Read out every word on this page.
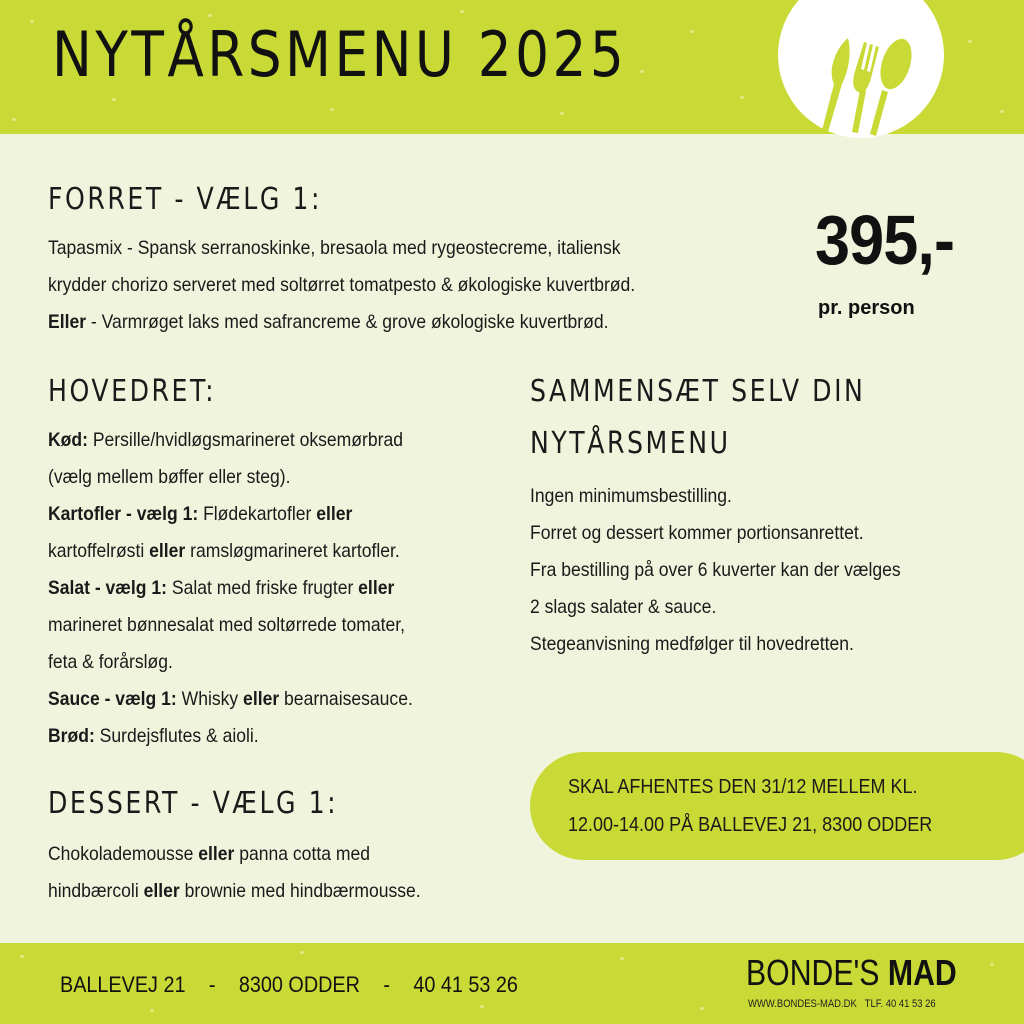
NYTÅRSMENU 2025
FORRET - VÆLG 1:

Tapasmix - Spansk serranoskinke, bresaola med rygeostecreme, italiensk

krydder chorizo serveret med soltørret tomatpesto & økologiske kuvertbrød.

Eller - Varmrøget laks med safrancreme & grove økologiske kuvertbrød.

395,-
pr. person
HOVEDRET:

Kød: Persille/hvidløgsmarineret oksemørbrad

(vælg mellem bøffer eller steg).

Kartofler - vælg 1: Flødekartofler eller

kartoffelrøsti eller ramsløgmarineret kartofler.

Salat - vælg 1: Salat med friske frugter eller

marineret bønnesalat med soltørrede tomater,

feta & forårsløg.

Sauce - vælg 1: Whisky eller bearnaisesauce.

Brød: Surdejsflutes & aioli.

SAMMENSÆT SELV DIN
NYTÅRSMENU

Ingen minimumsbestilling.

Forret og dessert kommer portionsanrettet.

Fra bestilling på over 6 kuverter kan der vælges

2 slags salater & sauce.

Stegeanvisning medfølger til hovedretten.

SKAL AFHENTES DEN 31/12 MELLEM KL.

12.00-14.00 PÅ BALLEVEJ 21, 8300 ODDER

DESSERT - VÆLG 1:

Chokolademousse eller panna cotta med

hindbærcoli eller brownie med hindbærmousse.

BALLEVEJ 21 - 8300 ODDER - 40 41 53 26	BONDE'S MAD
WWW.BONDES-MAD.DK TLF. 40 41 53 26
